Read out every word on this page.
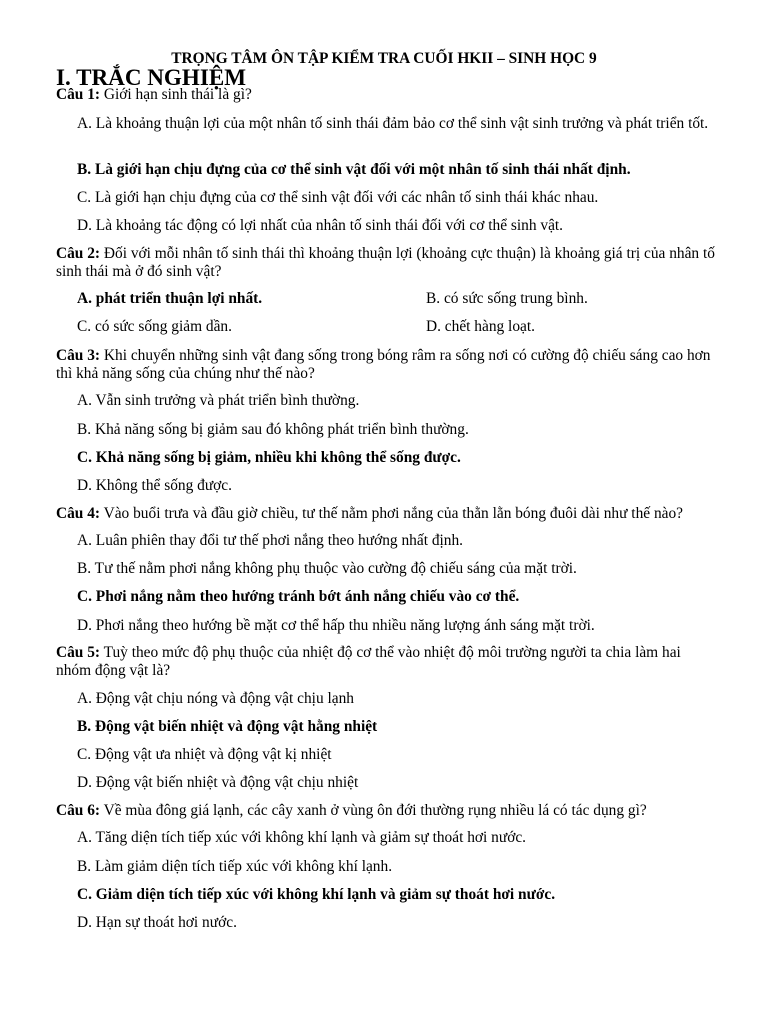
TRỌNG TÂM ÔN TẬP KIỂM TRA CUỐI HKII – SINH HỌC 9
I. TRẮC NGHIỆM

Câu 1: Giới hạn sinh thái là gì?

A. Là khoảng thuận lợi của một nhân tố sinh thái đảm bảo cơ thể sinh vật sinh trưởng và phát triển tốt.

B. Là giới hạn chịu đựng của cơ thể sinh vật đối với một nhân tố sinh thái nhất định.

C. Là giới hạn chịu đựng của cơ thể sinh vật đối với các nhân tố sinh thái khác nhau.

D. Là khoảng tác động có lợi nhất của nhân tố sinh thái đối với cơ thể sinh vật.

Câu 2: Đối với mỗi nhân tố sinh thái thì khoảng thuận lợi (khoảng cực thuận) là khoảng giá trị của nhân tố sinh thái mà ở đó sinh vật?

A. phát triển thuận lợi nhất.	B. có sức sống trung bình.

C. có sức sống giảm dần.	D. chết hàng loạt.

Câu 3: Khi chuyển những sinh vật đang sống trong bóng râm ra sống nơi có cường độ chiếu sáng cao hơn thì khả năng sống của chúng như thế nào?

A. Vẫn sinh trưởng và phát triển bình thường.

B. Khả năng sống bị giảm sau đó không phát triển bình thường.

C. Khả năng sống bị giảm, nhiều khi không thể sống được.

D. Không thể sống được.

Câu 4: Vào buổi trưa và đầu giờ chiều, tư thế nằm phơi nắng của thằn lằn bóng đuôi dài như thế nào?

A. Luân phiên thay đổi tư thế phơi nắng theo hướng nhất định.

B. Tư thế nằm phơi nắng không phụ thuộc vào cường độ chiếu sáng của mặt trời.

C. Phơi nắng nằm theo hướng tránh bớt ánh nắng chiếu vào cơ thể.

D. Phơi nắng theo hướng bề mặt cơ thể hấp thu nhiều năng lượng ánh sáng mặt trời.

Câu 5: Tuỳ theo mức độ phụ thuộc của nhiệt độ cơ thể vào nhiệt độ môi trường người ta chia làm hai nhóm động vật là?

A. Động vật chịu nóng và động vật chịu lạnh

B. Động vật biến nhiệt và động vật hằng nhiệt

C. Động vật ưa nhiệt và động vật kị nhiệt

D. Động vật biến nhiệt và động vật chịu nhiệt

Câu 6: Về mùa đông giá lạnh, các cây xanh ở vùng ôn đới thường rụng nhiều lá có tác dụng gì?

A. Tăng diện tích tiếp xúc với không khí lạnh và giảm sự thoát hơi nước.

B. Làm giảm diện tích tiếp xúc với không khí lạnh.

C. Giảm diện tích tiếp xúc với không khí lạnh và giảm sự thoát hơi nước.

D. Hạn sự thoát hơi nước.
